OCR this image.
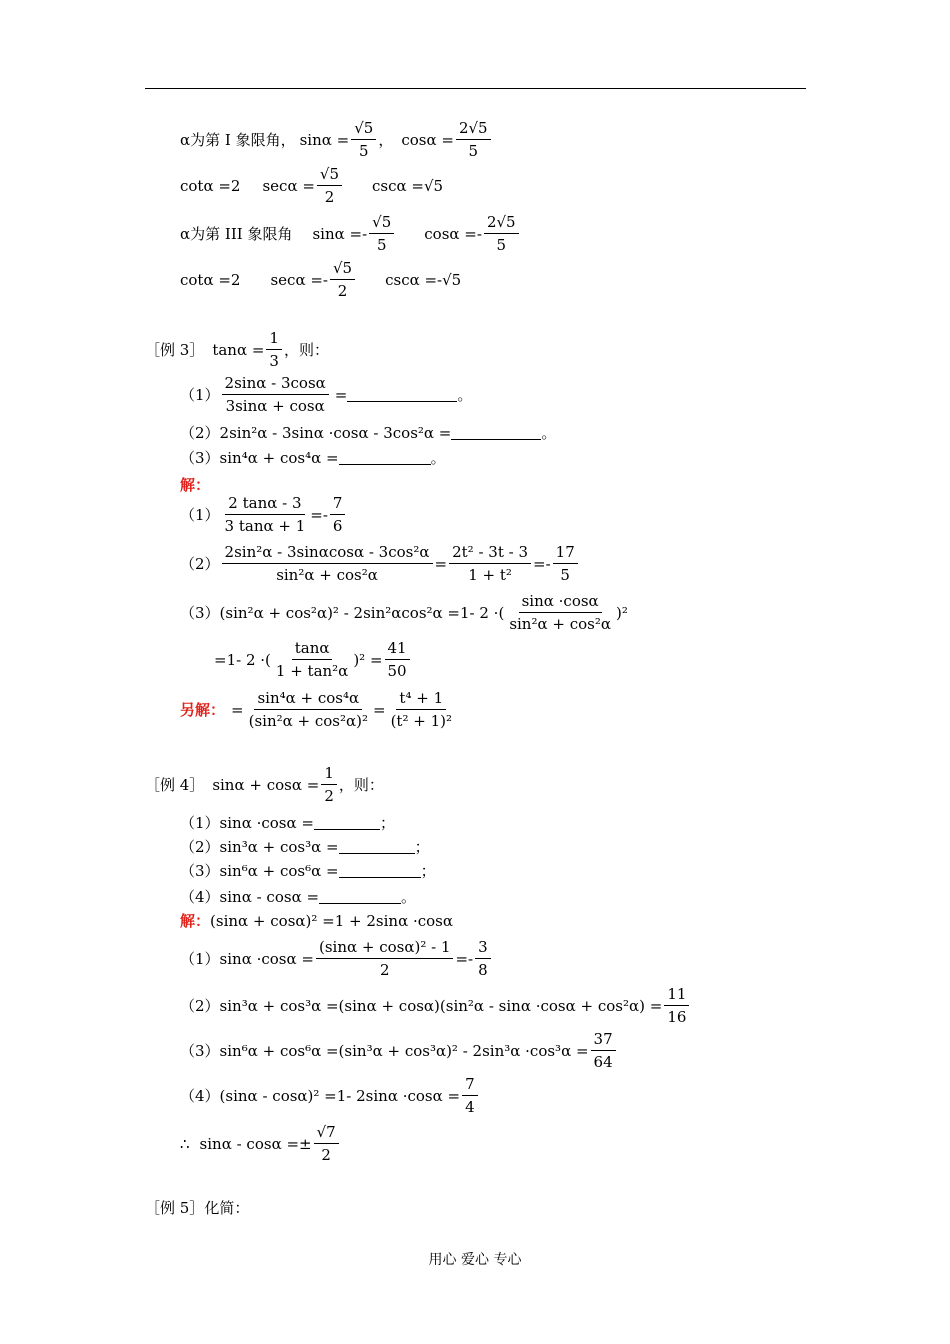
α为第 I 象限角， $\sin\alpha = \frac{√5}{5}$ ， $\cos\alpha = \frac{2√5}{5}$
cotα =2 $\sec\alpha = \frac{√5}{2}$ cscα =√5
α为第 III 象限角 $\sin\alpha =- \frac{√5}{5}$ $\cos\alpha =- \frac{2√5}{5}$
cotα =2 $\sec\alpha =- \frac{√5}{2}$ cscα =-√5
［例 3］ $\tan\alpha = \frac{1}{3}$ ，则：
$(1) \frac{2\sin\alpha - 3\cos\alpha}{3\sin\alpha + \cos\alpha}$ =	。
（2） 2sin²α - 3sinα ·cosα - 3cos²α =	。
（3） sin⁴α + cos⁴α =	。
解：
$(1) \frac{2 \tan\alpha - 3}{3 \tan\alpha + 1} =- \frac{7}{6}$
$(2) \frac{\text{2sin²α - 3sinαcosα - 3cos²α}}{\text{sin²α + cos²α}} = \frac{\text{2t² - 3t - 3}}{\text{1 + t²}} =- \frac{17}{5}$
（3） (sin²α + cos²α)² - 2sin²αcos²α =1- 2 ·( $\frac{\sin\alpha \cdot\cos\alpha}{\text{sin²α + cos²α}} )^2$
=1- 2 ·( $\frac{\tan\alpha}{\text{1 + tan²α}} )^2 = \frac{41}{50}$
另解： = $\frac{\text{sin⁴α + cos⁴α}}{\text{(sin²α + cos²α)²}} = \frac{\text{t⁴ + 1}}{\text{(t² + 1)²}}$
［例 4］ $\sin\alpha + \cos\alpha = \frac{1}{2}$ ，则：
（1） sinα ·cosα =	；
（2） sin³α + cos³α =	；
（3） sin⁶α + cos⁶α =	；
（4） sinα - cosα =	。
解： (sinα + cosα)² =1 + 2sinα ·cosα
（1） $\sin\alpha \cdot\cos\alpha = \frac{\text{(sinα + cosα)² - 1}}{2} =- \frac{3}{8}$
（2） $\sin^3\alpha + \cos^3\alpha =(\sin\alpha + \cos\alpha)(\sin^2\alpha - \sin\alpha \cdot\cos\alpha + \cos^2\alpha) = \frac{11}{16}$
（3） $\sin^6\alpha + \cos^6\alpha =(\sin^3\alpha + \cos^3\alpha)^2 - 2\sin^3\alpha \cdot\cos^3\alpha = \frac{37}{64}$
（4） (sinα - cosα)² =1- $2\sin\alpha \cdot\cos\alpha = \frac{7}{4}$
∴ $\sin\alpha - \cos\alpha =\pm \frac{√7}{2}$
［例 5］ 化简：
用心 爱心 专心
